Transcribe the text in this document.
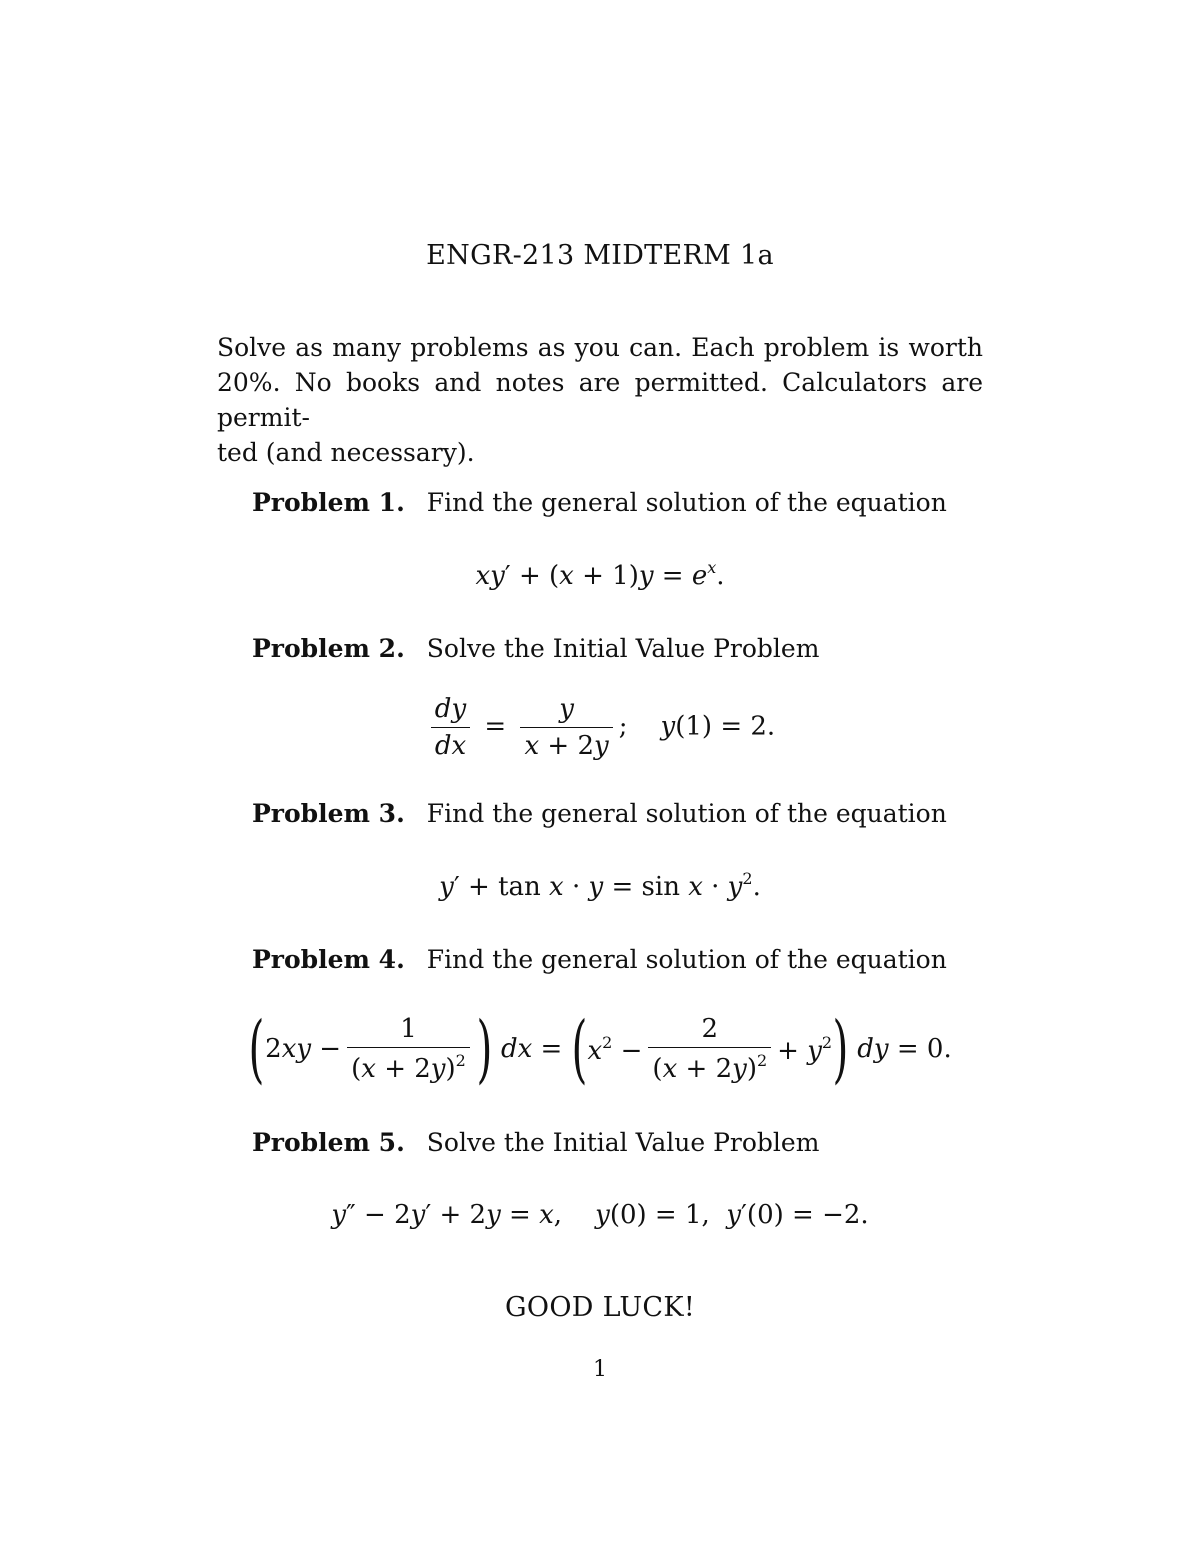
ENGR-213 MIDTERM 1a
Solve as many problems as you can. Each problem is worth
20%. No books and notes are permitted. Calculators are permit-
ted (and necessary).
Problem 1. Find the general solution of the equation
$xy' + (x + 1)y = e^x$.
Problem 2. Solve the Initial Value Problem
$\frac{dy}{dx} = \frac{y}{x + 2y}$ ;    y(1) = 2.
Problem 3. Find the general solution of the equation
$y' + \tan x \cdot y = \sin x \cdot y^2$.
Problem 4. Find the general solution of the equation
($2xy - \frac{1}{(x + 2y)^2}$ ) dx = $(x^2 - \frac{2}{(x + 2y)^2} + y^2)$ dy = 0.
Problem 5. Solve the Initial Value Problem
y″ − 2y′ + 2y = x,    y(0) = 1,  y′(0) = −2.
GOOD LUCK!
1
